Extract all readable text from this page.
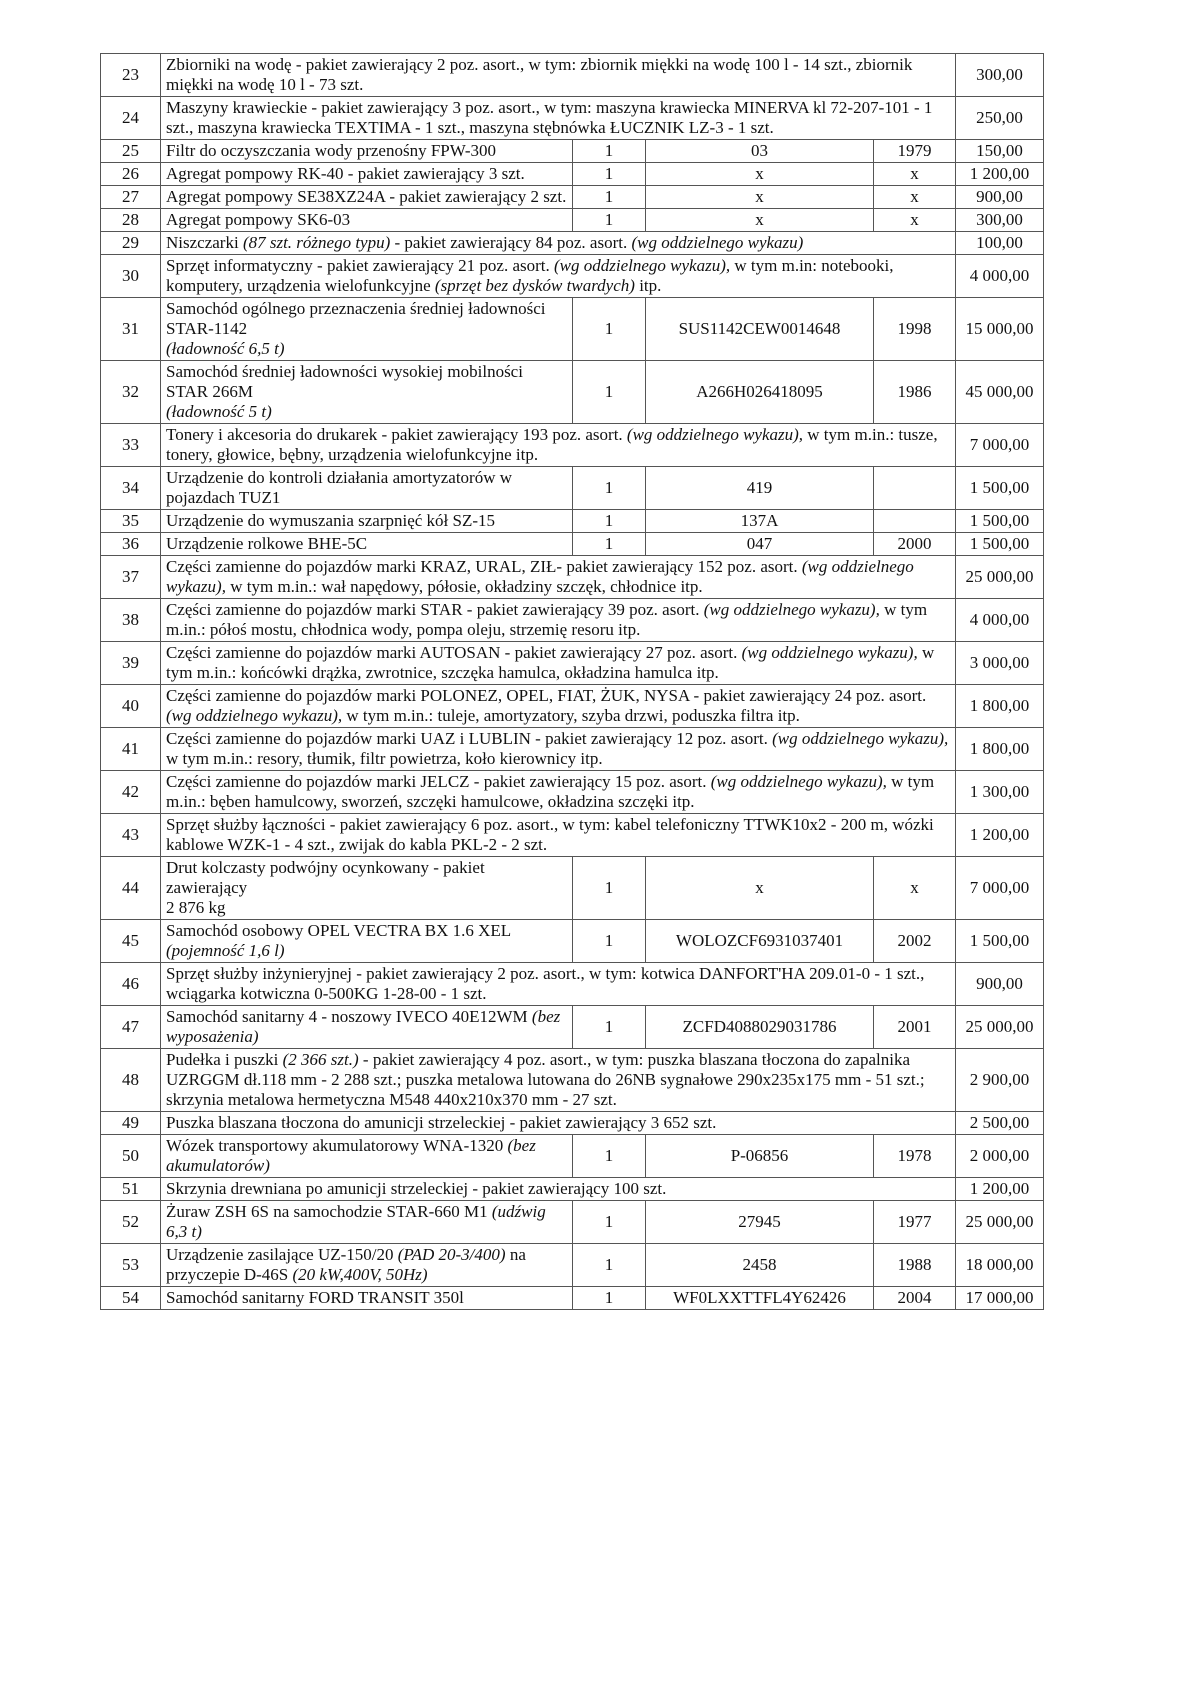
23	Zbiorniki na wodę - pakiet zawierający 2 poz. asort., w tym: zbiornik miękki na wodę 100 l - 14 szt., zbiornik miękki na wodę 10 l - 73 szt.				300,00
24	Maszyny krawieckie - pakiet zawierający 3 poz. asort., w tym: maszyna krawiecka MINERVA kl 72-207-101 - 1 szt., maszyna krawiecka TEXTIMA - 1 szt., maszyna stębnówka ŁUCZNIK LZ-3 - 1 szt.				250,00
25	Filtr do oczyszczania wody przenośny FPW-300	1	03	1979	150,00
26	Agregat pompowy RK-40 - pakiet zawierający 3 szt.	1	x	x	1 200,00
27	Agregat pompowy SE38XZ24A - pakiet zawierający 2 szt.	1	x	x	900,00
28	Agregat pompowy SK6-03	1	x	x	300,00
29	Niszczarki (87 szt. różnego typu) - pakiet zawierający 84 poz. asort. (wg oddzielnego wykazu)				100,00
30	Sprzęt informatyczny - pakiet zawierający 21 poz. asort. (wg oddzielnego wykazu), w tym m.in: notebooki, komputery, urządzenia wielofunkcyjne (sprzęt bez dysków twardych) itp.				4 000,00
31	Samochód ogólnego przeznaczenia średniej ładowności STAR-1142
(ładowność 6,5 t)	1	SUS1142CEW0014648	1998	15 000,00
32	Samochód średniej ładowności wysokiej mobilności STAR 266M
(ładowność 5 t)	1	A266H026418095	1986	45 000,00
33	Tonery i akcesoria do drukarek - pakiet zawierający 193 poz. asort. (wg oddzielnego wykazu), w tym m.in.: tusze, tonery, głowice, bębny, urządzenia wielofunkcyjne itp.				7 000,00
34	Urządzenie do kontroli działania amortyzatorów w pojazdach TUZ1	1	419		1 500,00
35	Urządzenie do wymuszania szarpnięć kół SZ-15	1	137A		1 500,00
36	Urządzenie rolkowe BHE-5C	1	047	2000	1 500,00
37	Części zamienne do pojazdów marki KRAZ, URAL, ZIŁ- pakiet zawierający 152 poz. asort. (wg oddzielnego wykazu), w tym m.in.: wał napędowy, półosie, okładziny szczęk, chłodnice itp.				25 000,00
38	Części zamienne do pojazdów marki STAR - pakiet zawierający 39 poz. asort. (wg oddzielnego wykazu), w tym m.in.: półoś mostu, chłodnica wody, pompa oleju, strzemię resoru itp.				4 000,00
39	Części zamienne do pojazdów marki AUTOSAN - pakiet zawierający 27 poz. asort. (wg oddzielnego wykazu), w tym m.in.: końcówki drążka, zwrotnice, szczęka hamulca, okładzina hamulca itp.				3 000,00
40	Części zamienne do pojazdów marki POLONEZ, OPEL, FIAT, ŻUK, NYSA - pakiet zawierający 24 poz. asort. (wg oddzielnego wykazu), w tym m.in.: tuleje, amortyzatory, szyba drzwi, poduszka filtra itp.				1 800,00
41	Części zamienne do pojazdów marki UAZ i LUBLIN - pakiet zawierający 12 poz. asort. (wg oddzielnego wykazu), w tym m.in.: resory, tłumik, filtr powietrza, koło kierownicy itp.				1 800,00
42	Części zamienne do pojazdów marki JELCZ - pakiet zawierający 15 poz. asort. (wg oddzielnego wykazu), w tym m.in.: bęben hamulcowy, sworzeń, szczęki hamulcowe, okładzina szczęki itp.				1 300,00
43	Sprzęt służby łączności - pakiet zawierający 6 poz. asort., w tym: kabel telefoniczny TTWK10x2 - 200 m, wózki kablowe WZK-1 - 4 szt., zwijak do kabla PKL-2 - 2 szt.				1 200,00
44	Drut kolczasty podwójny ocynkowany - pakiet zawierający
2 876 kg	1	x	x	7 000,00
45	Samochód osobowy OPEL VECTRA BX 1.6 XEL (pojemność 1,6 l)	1	WOLOZCF6931037401	2002	1 500,00
46	Sprzęt służby inżynieryjnej - pakiet zawierający 2 poz. asort., w tym: kotwica DANFORT'HA 209.01-0 - 1 szt., wciągarka kotwiczna 0-500KG 1-28-00 - 1 szt.				900,00
47	Samochód sanitarny 4 - noszowy IVECO 40E12WM (bez wyposażenia)	1	ZCFD4088029031786	2001	25 000,00
48	Pudełka i puszki (2 366 szt.) - pakiet zawierający 4 poz. asort., w tym: puszka blaszana tłoczona do zapalnika UZRGGM dł.118 mm - 2 288 szt.; puszka metalowa lutowana do 26NB sygnałowe 290x235x175 mm - 51 szt.; skrzynia metalowa hermetyczna M548 440x210x370 mm - 27 szt.				2 900,00
49	Puszka blaszana tłoczona do amunicji strzeleckiej - pakiet zawierający 3 652 szt.				2 500,00
50	Wózek transportowy akumulatorowy WNA-1320 (bez akumulatorów)	1	P-06856	1978	2 000,00
51	Skrzynia drewniana po amunicji strzeleckiej - pakiet zawierający 100 szt.				1 200,00
52	Żuraw ZSH 6S na samochodzie STAR-660 M1 (udźwig 6,3 t)	1	27945	1977	25 000,00
53	Urządzenie zasilające UZ-150/20 (PAD 20-3/400) na przyczepie D-46S (20 kW,400V, 50Hz)	1	2458	1988	18 000,00
54	Samochód sanitarny FORD TRANSIT 350l	1	WF0LXXTTFL4Y62426	2004	17 000,00
